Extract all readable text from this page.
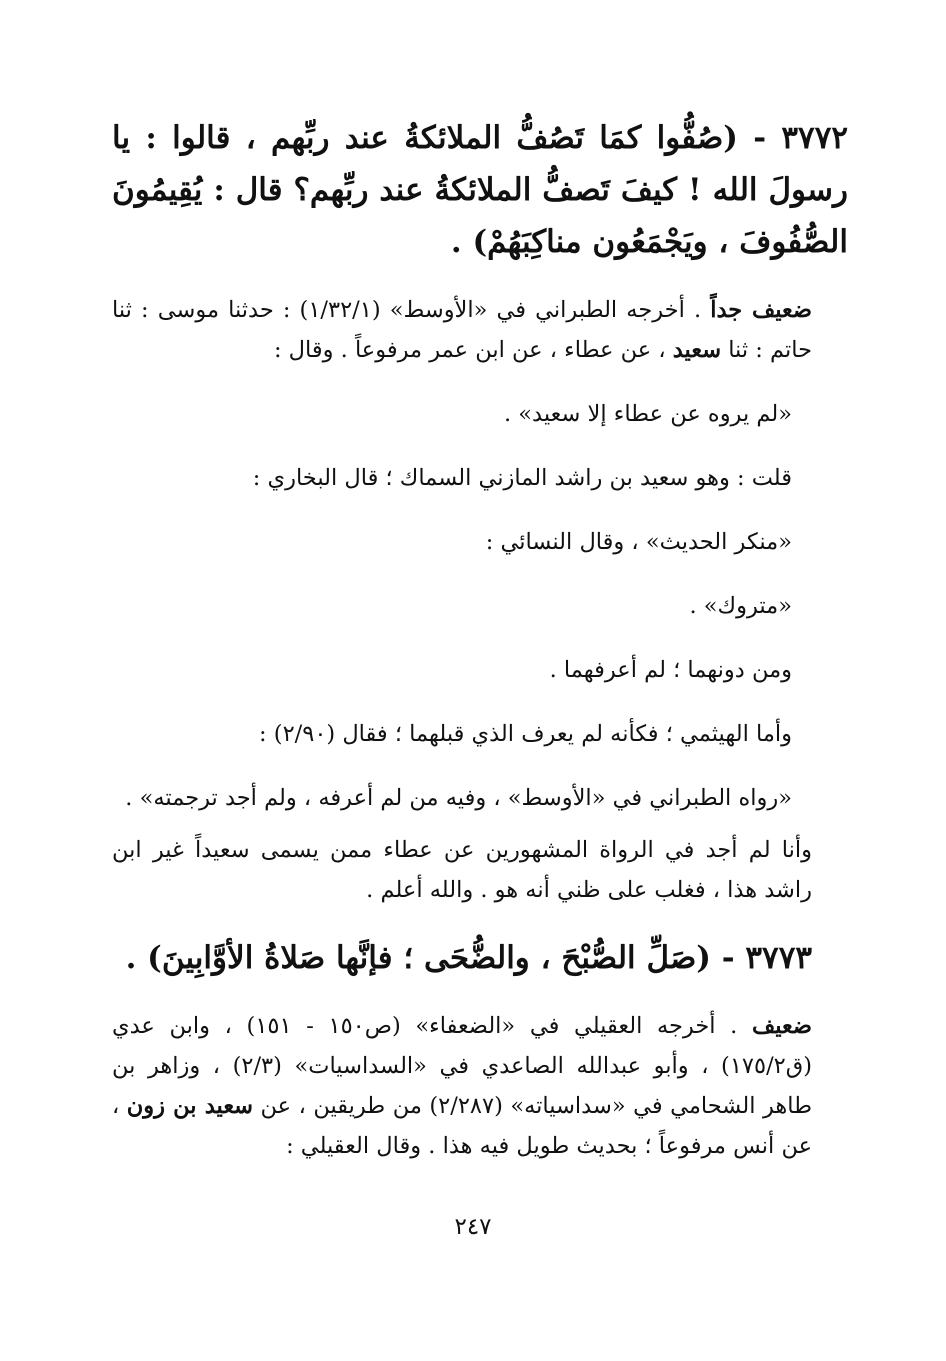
٣٧٧٢ - (صُفُّوا كمَا تَصُفُّ الملائكةُ عند ربِّهم ، قالوا : يا رسولَ الله ! كيفَ تَصفُّ الملائكةُ عند ربِّهم؟ قال : يُقِيمُونَ الصُّفُوفَ ، ويَجْمَعُون مناكِبَهُمْ) .

ضعيف جداً . أخرجه الطبراني في «الأوسط» (١/٣٢/١) : حدثنا موسى : ثنا حاتم : ثنا سعيد ، عن عطاء ، عن ابن عمر مرفوعاً . وقال :

«لم يروه عن عطاء إلا سعيد» .

قلت : وهو سعيد بن راشد المازني السماك ؛ قال البخاري :

«منكر الحديث» ، وقال النسائي :

«متروك» .

ومن دونهما ؛ لم أعرفهما .

وأما الهيثمي ؛ فكأنه لم يعرف الذي قبلهما ؛ فقال (٢/٩٠) :

«رواه الطبراني في «الأوسط» ، وفيه من لم أعرفه ، ولم أجد ترجمته» .

وأنا لم أجد في الرواة المشهورين عن عطاء ممن يسمى سعيداً غير ابن راشد هذا ، فغلب على ظني أنه هو . والله أعلم .

٣٧٧٣ - (صَلِّ الصُّبْحَ ، والضُّحَى ؛ فإنَّها صَلاةُ الأوَّابِينَ) .

ضعيف . أخرجه العقيلي في «الضعفاء» (ص١٥٠ - ١٥١) ، وابن عدي (ق١٧٥/٢) ، وأبو عبدالله الصاعدي في «السداسيات» (٢/٣) ، وزاهر بن طاهر الشحامي في «سداسياته» (٢/٢٨٧) من طريقين ، عن سعيد بن زون ، عن أنس مرفوعاً ؛ بحديث طويل فيه هذا . وقال العقيلي :

٢٤٧
